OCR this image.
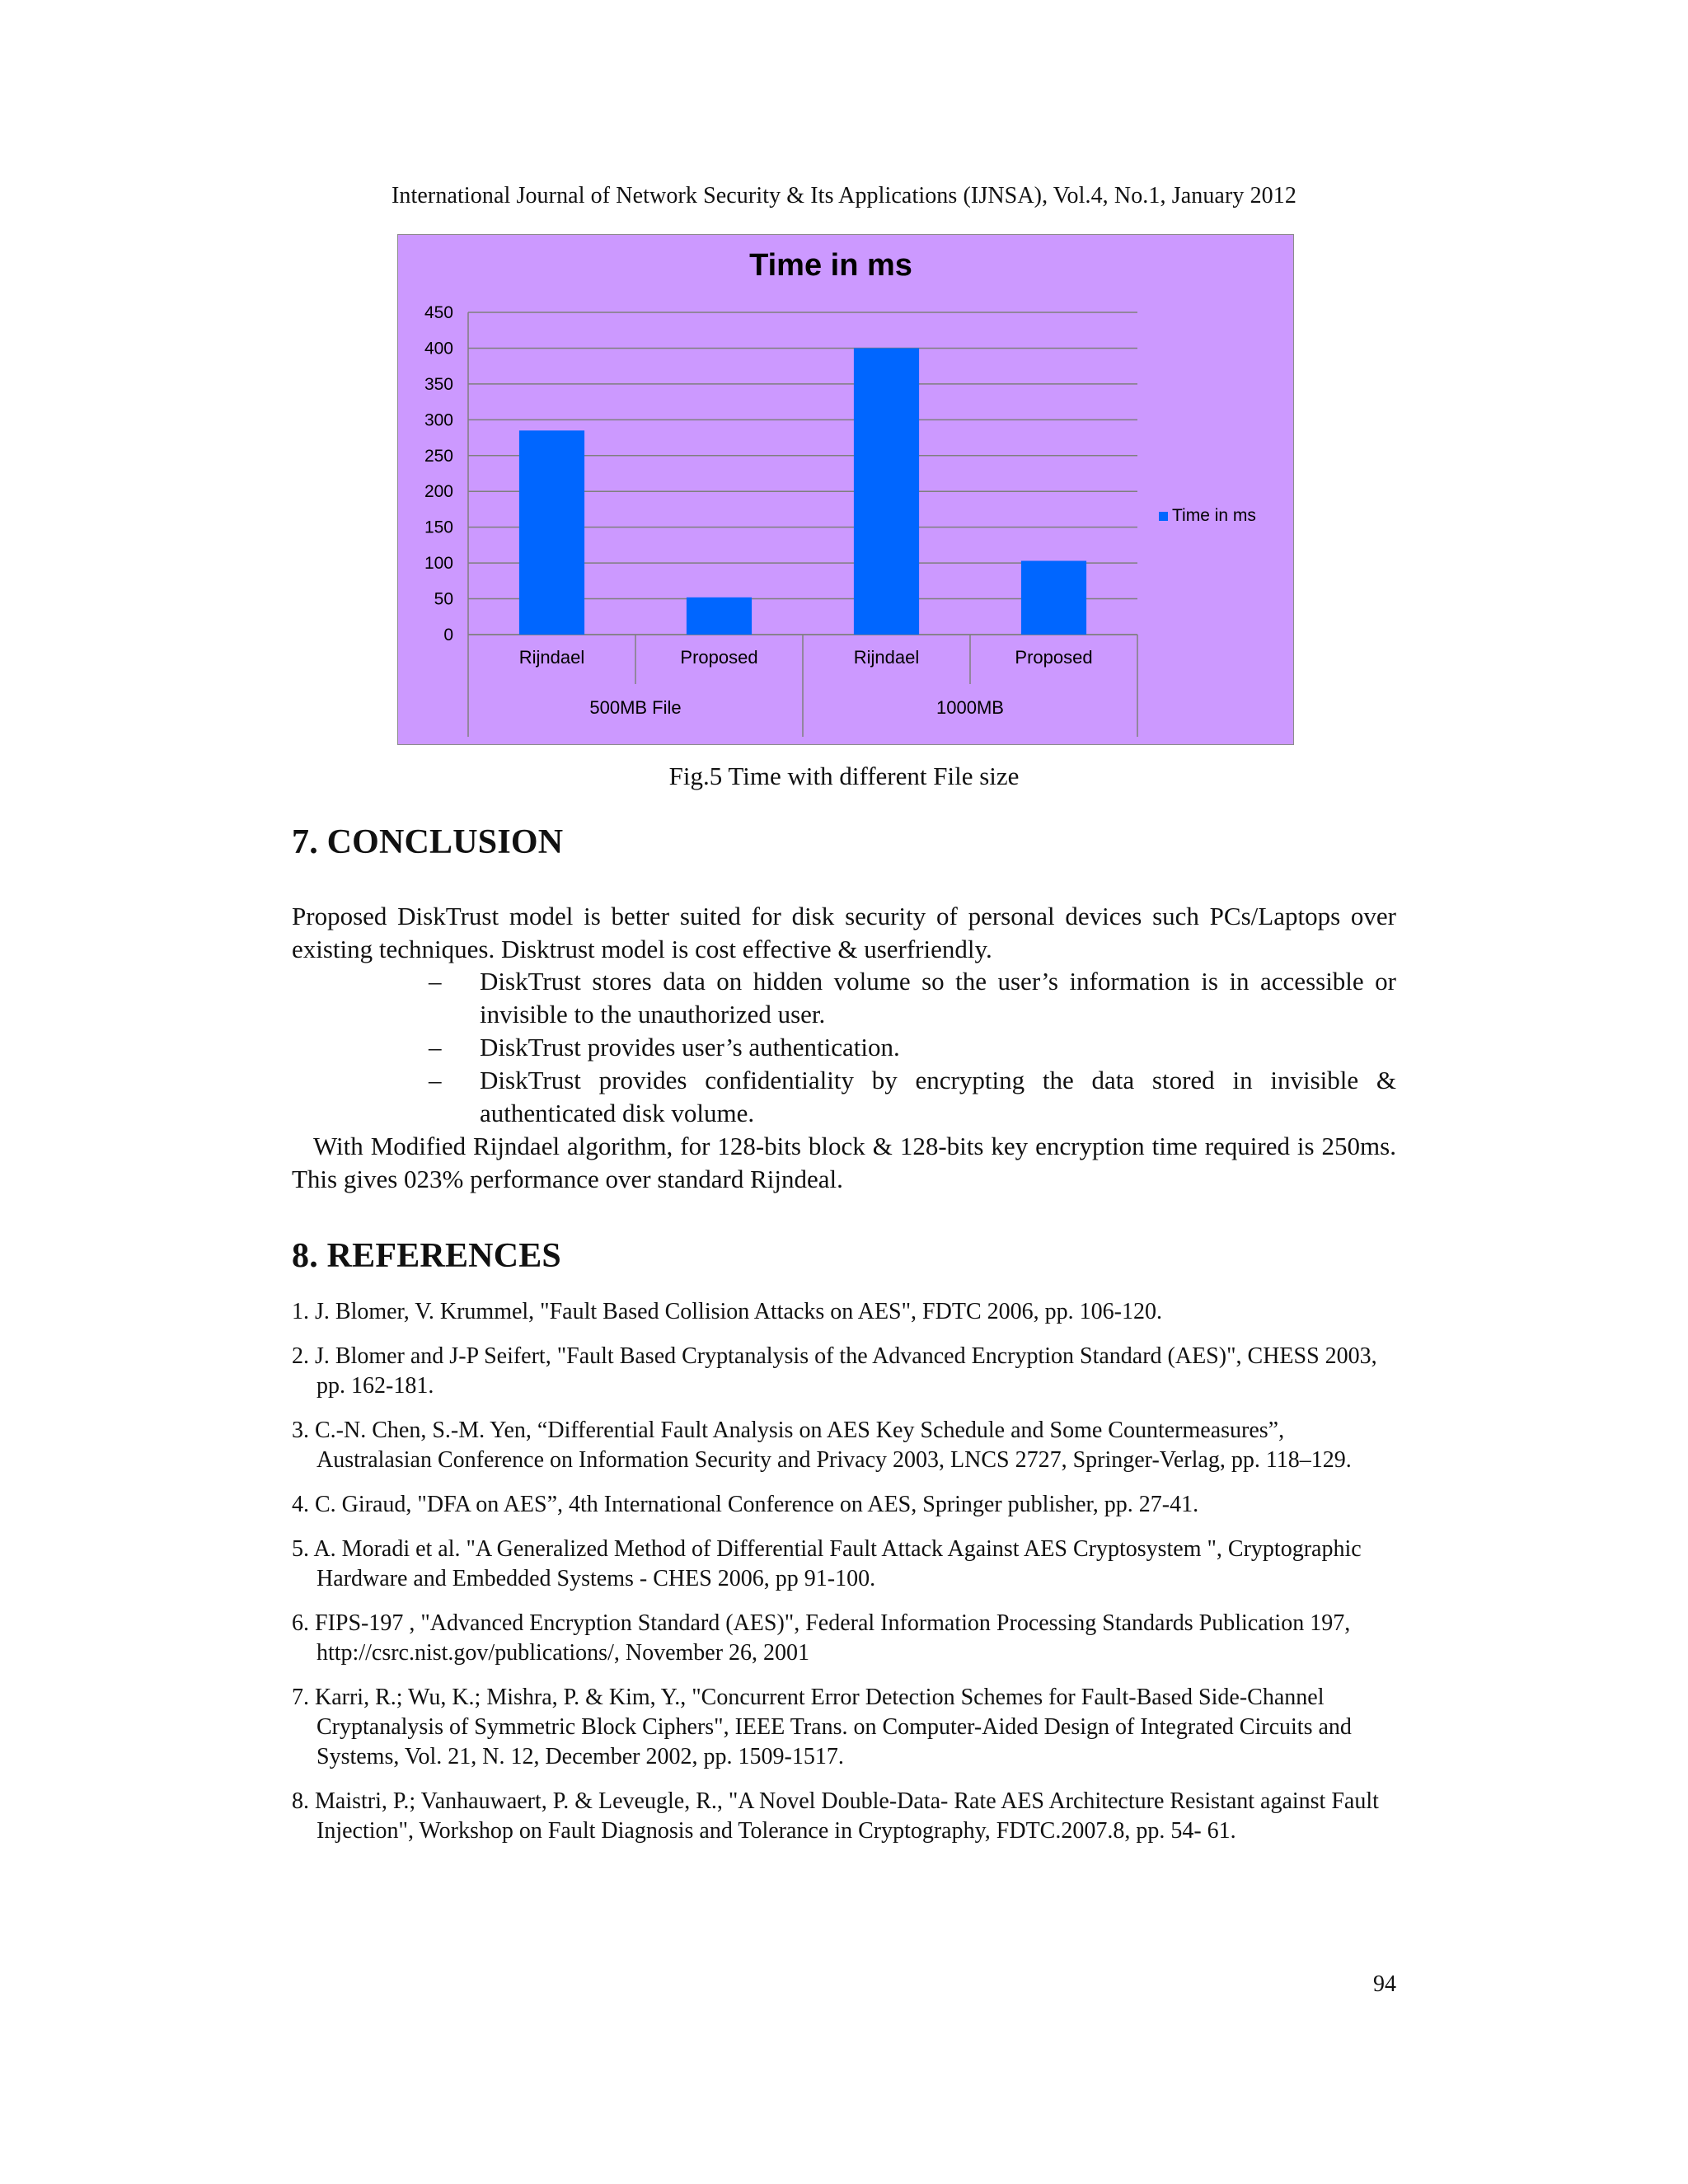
International Journal of Network Security & Its Applications (IJNSA), Vol.4, No.1, January 2012
Time in ms
0
50
100
150
200
250
300
350
400
450
Rijndael	Proposed	Rijndael	Proposed
500MB File	1000MB
Time in ms
Fig.5 Time with different File size
7. CONCLUSION
Proposed DiskTrust model is better suited for disk security of personal devices such PCs/Laptops over existing techniques. Disktrust model is cost effective & userfriendly.
– DiskTrust stores data on hidden volume so the user’s information is in accessible or invisible to the unauthorized user.
– DiskTrust provides user’s authentication.
– DiskTrust provides confidentiality by encrypting the data stored in invisible & authenticated disk volume.
With Modified Rijndael algorithm, for 128-bits block & 128-bits key encryption time required is 250ms. This gives 023% performance over standard Rijndeal.
8. REFERENCES
1. J. Blomer, V. Krummel, "Fault Based Collision Attacks on AES", FDTC 2006, pp. 106-120.
2. J. Blomer and J-P Seifert, "Fault Based Cryptanalysis of the Advanced Encryption Standard (AES)", CHESS 2003, pp. 162-181.
3. C.-N. Chen, S.-M. Yen, “Differential Fault Analysis on AES Key Schedule and Some Countermeasures”, Australasian Conference on Information Security and Privacy 2003, LNCS 2727, Springer-Verlag, pp. 118–129.
4. C. Giraud, "DFA on AES”, 4th International Conference on AES, Springer publisher, pp. 27-41.
5. A. Moradi et al. "A Generalized Method of Differential Fault Attack Against AES Cryptosystem ", Cryptographic Hardware and Embedded Systems - CHES 2006, pp 91-100.
6. FIPS-197 , "Advanced Encryption Standard (AES)", Federal Information Processing Standards Publication 197, http://csrc.nist.gov/publications/, November 26, 2001
7. Karri, R.; Wu, K.; Mishra, P. & Kim, Y., "Concurrent Error Detection Schemes for Fault-Based Side-Channel Cryptanalysis of Symmetric Block Ciphers", IEEE Trans. on Computer-Aided Design of Integrated Circuits and Systems, Vol. 21, N. 12, December 2002, pp. 1509-1517.
8. Maistri, P.; Vanhauwaert, P. & Leveugle, R., "A Novel Double-Data- Rate AES Architecture Resistant against Fault Injection", Workshop on Fault Diagnosis and Tolerance in Cryptography, FDTC.2007.8, pp. 54- 61.
94
